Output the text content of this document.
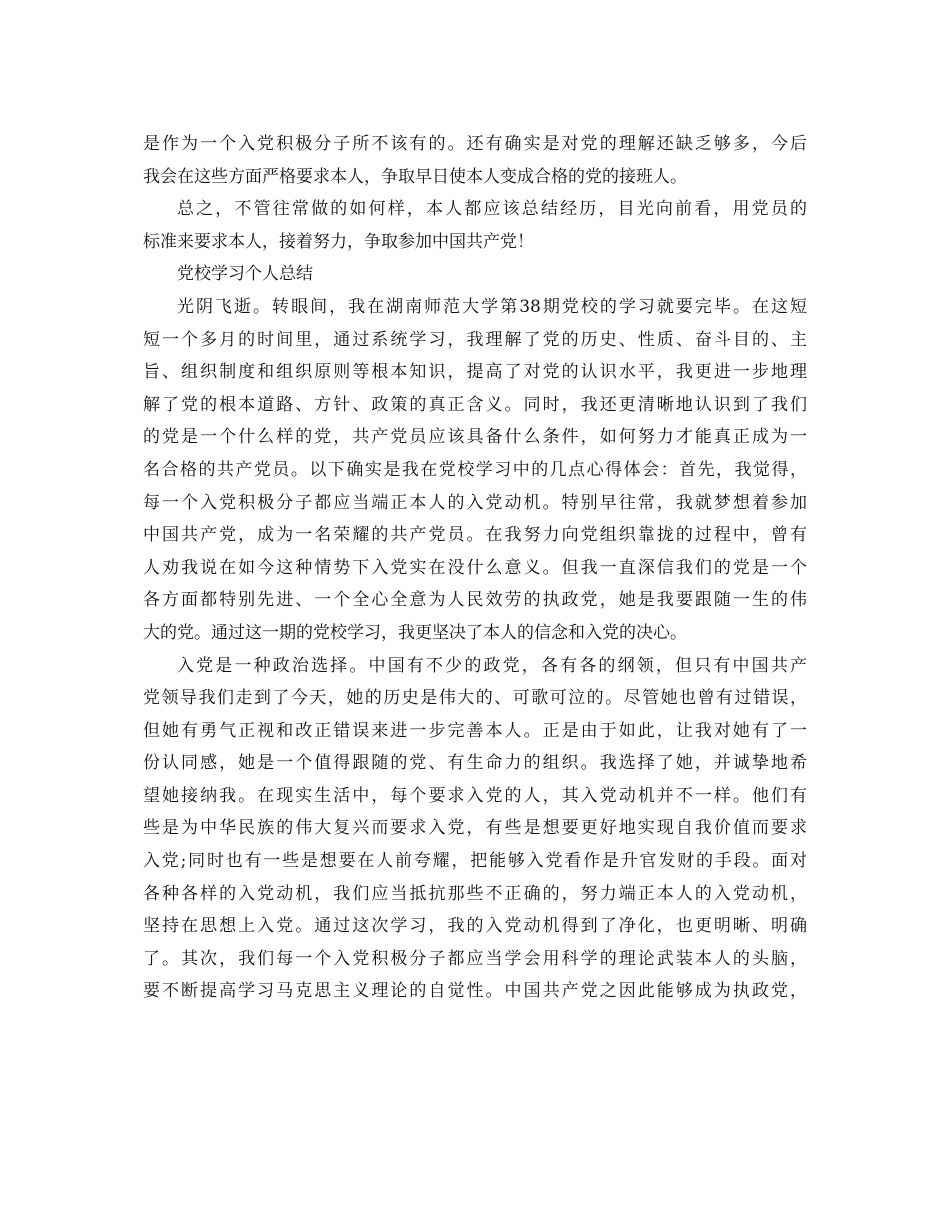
是作为一个入党积极分子所不该有的。还有确实是对党的理解还缺乏够多，今后
我会在这些方面严格要求本人，争取早日使本人变成合格的党的接班人。
总之，不管往常做的如何样，本人都应该总结经历，目光向前看，用党员的
标准来要求本人，接着努力，争取参加中国共产党！
党校学习个人总结
光阴飞逝。转眼间，我在湖南师范大学第38期党校的学习就要完毕。在这短
短一个多月的时间里，通过系统学习，我理解了党的历史、性质、奋斗目的、主
旨、组织制度和组织原则等根本知识，提高了对党的认识水平，我更进一步地理
解了党的根本道路、方针、政策的真正含义。同时，我还更清晰地认识到了我们
的党是一个什么样的党，共产党员应该具备什么条件，如何努力才能真正成为一
名合格的共产党员。以下确实是我在党校学习中的几点心得体会：首先，我觉得，
每一个入党积极分子都应当端正本人的入党动机。特别早往常，我就梦想着参加
中国共产党，成为一名荣耀的共产党员。在我努力向党组织靠拢的过程中，曾有
人劝我说在如今这种情势下入党实在没什么意义。但我一直深信我们的党是一个
各方面都特别先进、一个全心全意为人民效劳的执政党，她是我要跟随一生的伟
大的党。通过这一期的党校学习，我更坚决了本人的信念和入党的决心。
入党是一种政治选择。中国有不少的政党，各有各的纲领，但只有中国共产
党领导我们走到了今天，她的历史是伟大的、可歌可泣的。尽管她也曾有过错误，
但她有勇气正视和改正错误来进一步完善本人。正是由于如此，让我对她有了一
份认同感，她是一个值得跟随的党、有生命力的组织。我选择了她，并诚挚地希
望她接纳我。在现实生活中，每个要求入党的人，其入党动机并不一样。他们有
些是为中华民族的伟大复兴而要求入党，有些是想要更好地实现自我价值而要求
入党;同时也有一些是想要在人前夸耀，把能够入党看作是升官发财的手段。面对
各种各样的入党动机，我们应当抵抗那些不正确的，努力端正本人的入党动机，
坚持在思想上入党。通过这次学习，我的入党动机得到了净化，也更明晰、明确
了。其次，我们每一个入党积极分子都应当学会用科学的理论武装本人的头脑，
要不断提高学习马克思主义理论的自觉性。中国共产党之因此能够成为执政党，
